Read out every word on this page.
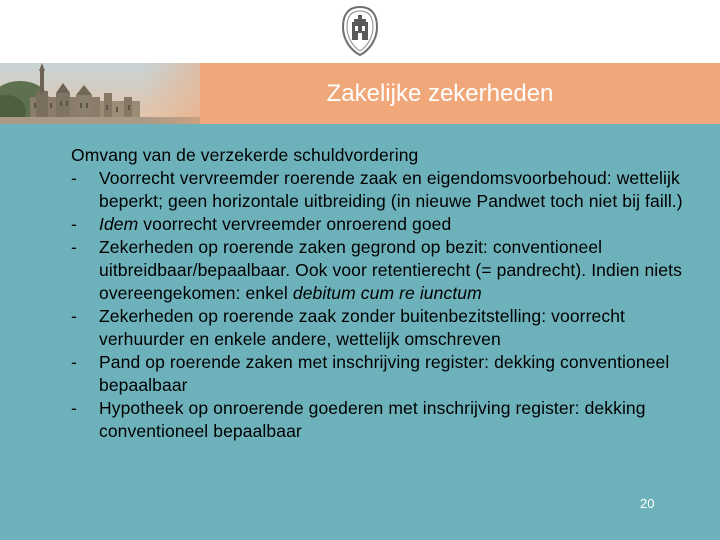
Zakelijke zekerheden

Omvang van de verzekerde schuldvordering

- Voorrecht vervreemder roerende zaak en eigendomsvoorbehoud: wettelijk beperkt; geen horizontale uitbreiding (in nieuwe Pandwet toch niet bij faill.)
- Idem voorrecht vervreemder onroerend goed
- Zekerheden op roerende zaken gegrond op bezit: conventioneel uitbreidbaar/bepaalbaar. Ook voor retentierecht (= pandrecht). Indien niets overeengekomen: enkel debitum cum re iunctum
- Zekerheden op roerende zaak zonder buitenbezitstelling: voorrecht verhuurder en enkele andere, wettelijk omschreven
- Pand op roerende zaken met inschrijving register: dekking conventioneel bepaalbaar
- Hypotheek op onroerende goederen met inschrijving register: dekking conventioneel bepaalbaar
20
